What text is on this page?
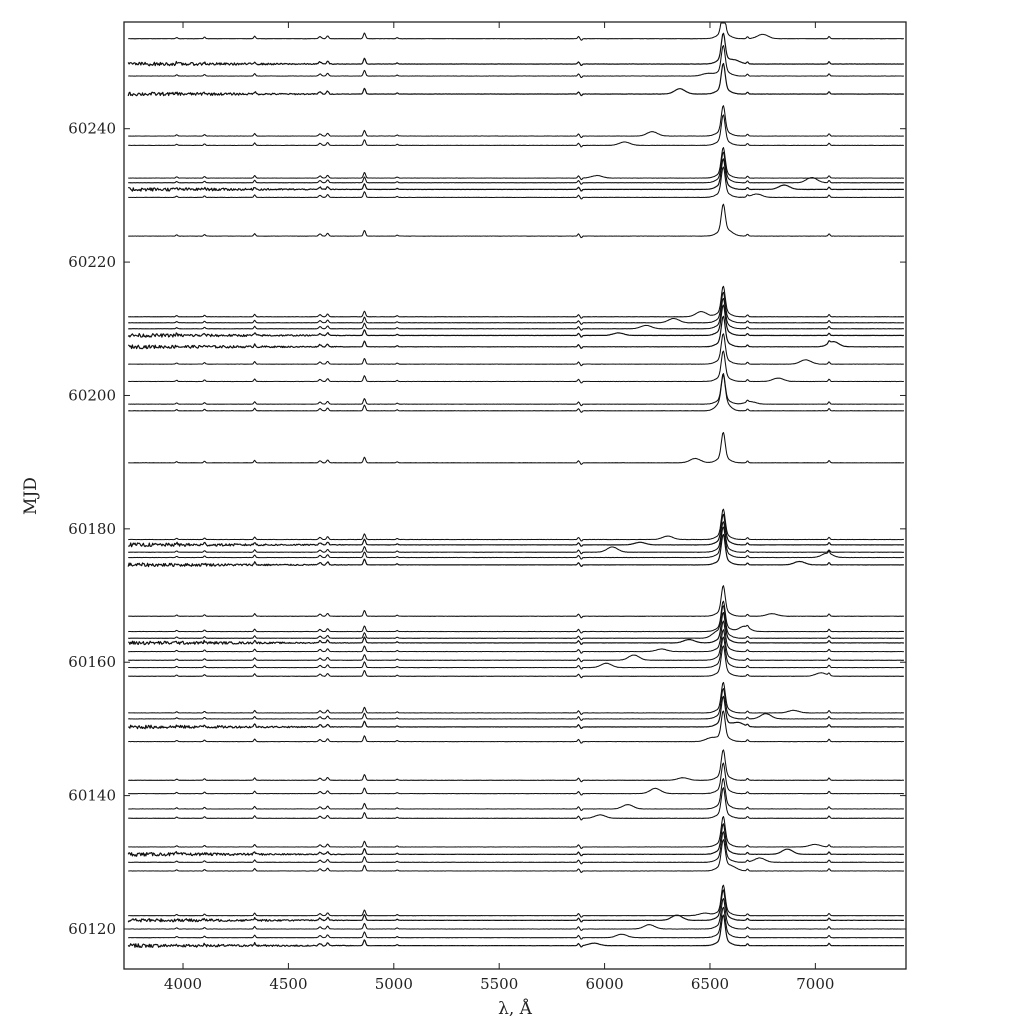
4000	4500	5000	5500	6000	6500	7000
60120
60140
60160
60180
60200
60220
60240
λ, Å
MJD
